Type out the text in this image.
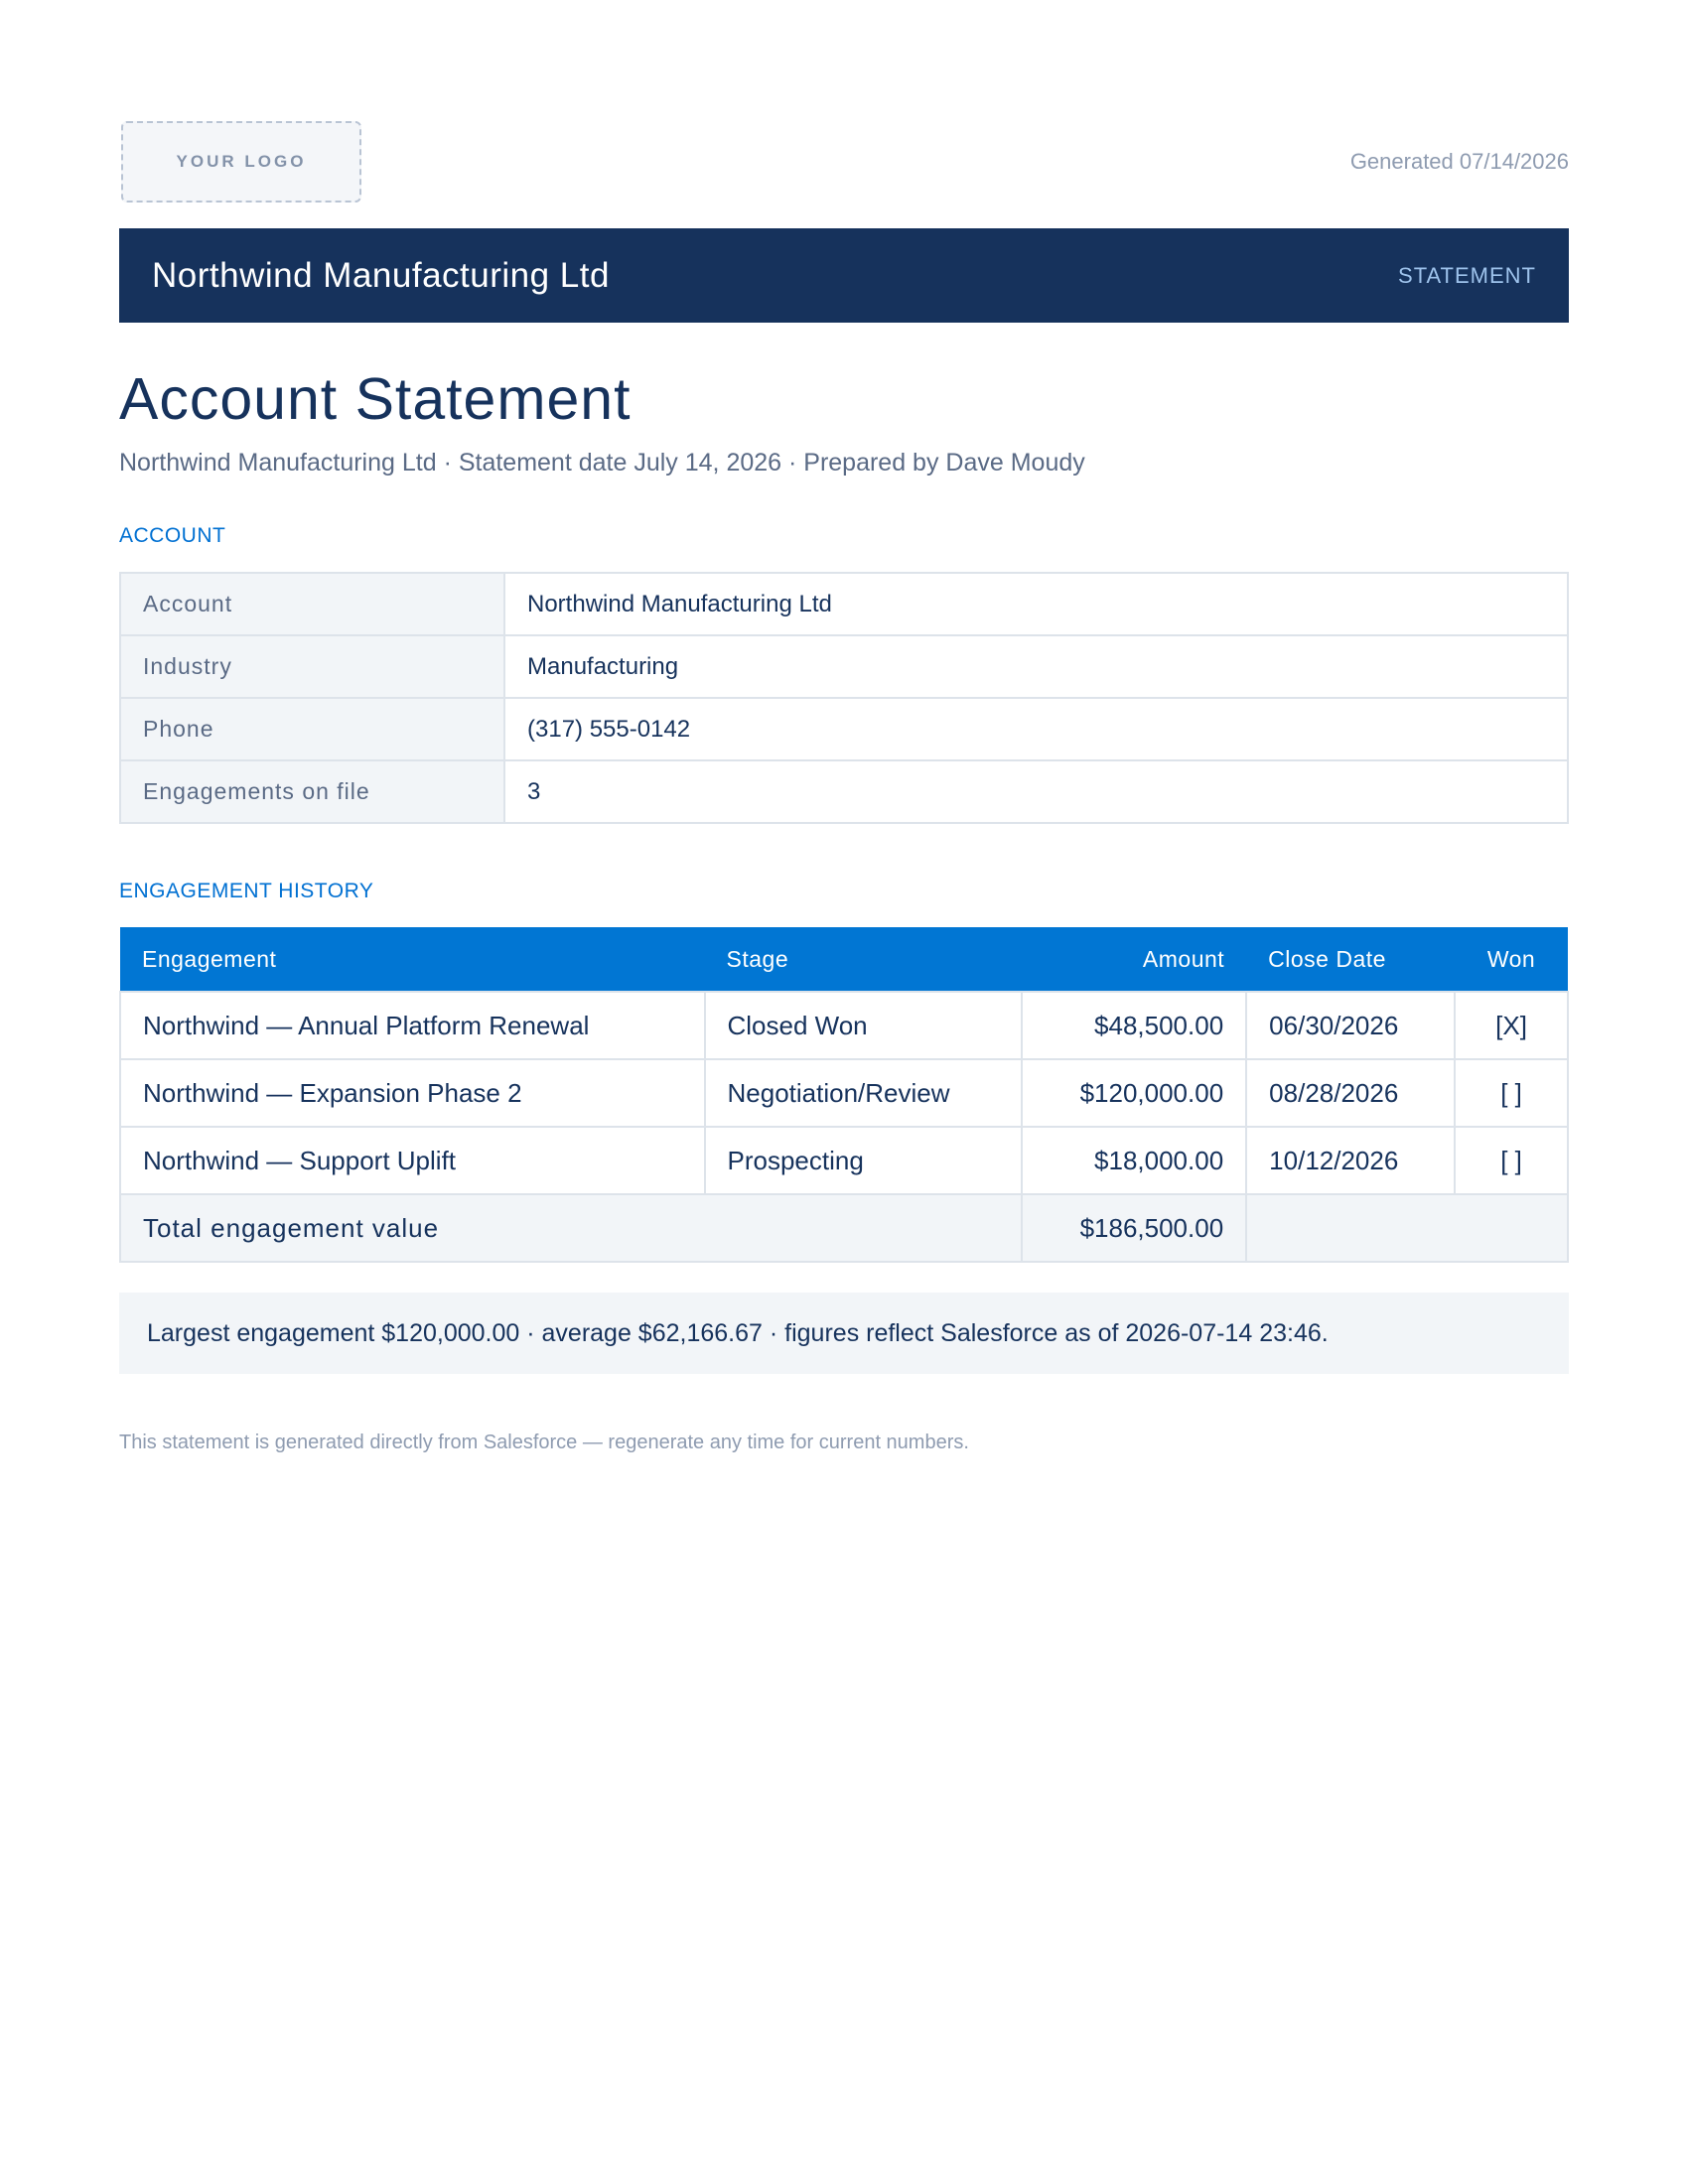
YOUR LOGO	Generated 07/14/2026
Northwind Manufacturing Ltd	STATEMENT
Account Statement
Northwind Manufacturing Ltd · Statement date July 14, 2026 · Prepared by Dave Moudy
ACCOUNT
Account	Northwind Manufacturing Ltd
Industry	Manufacturing
Phone	(317) 555-0142
Engagements on file	3
ENGAGEMENT HISTORY
Engagement	Stage	Amount	Close Date	Won
Northwind — Annual Platform Renewal	Closed Won	$48,500.00	06/30/2026	[X]
Northwind — Expansion Phase 2	Negotiation/Review	$120,000.00	08/28/2026	[ ]
Northwind — Support Uplift	Prospecting	$18,000.00	10/12/2026	[ ]
Total engagement value		$186,500.00		
Largest engagement $120,000.00 · average $62,166.67 · figures reflect Salesforce as of 2026-07-14 23:46.
This statement is generated directly from Salesforce — regenerate any time for current numbers.
